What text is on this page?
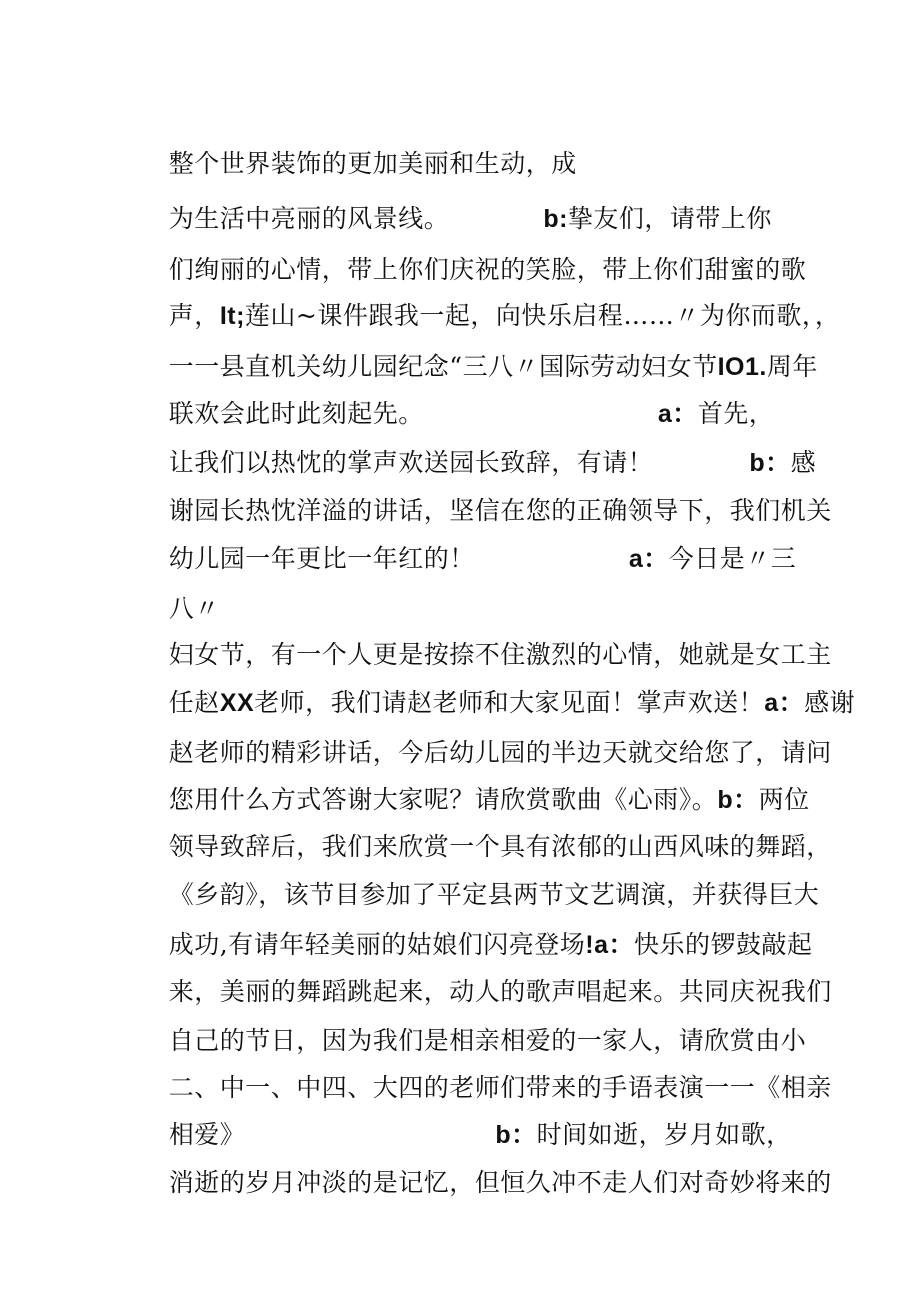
整个世界装饰的更加美丽和生动，成

为生活中亮丽的风景线。	b:挚友们，请带上你

们绚丽的心情，带上你们庆祝的笑脸，带上你们甜蜜的歌

声，It;莲山~课件跟我一起，向快乐启程……〃为你而歌，，

一一县直机关幼儿园纪念“三八〃国际劳动妇女节IO1.周年

联欢会此时此刻起先。	a：首先，

让我们以热忱的掌声欢送园长致辞，有请！	b：感

谢园长热忱洋溢的讲话，坚信在您的正确领导下，我们机关

幼儿园一年更比一年红的！	a：今日是〃三

八〃

妇女节，有一个人更是按捺不住激烈的心情，她就是女工主

任赵XX老师，我们请赵老师和大家见面！掌声欢送！a：感谢

赵老师的精彩讲话，今后幼儿园的半边天就交给您了，请问

您用什么方式答谢大家呢？请欣赏歌曲《心雨》。b：两位

领导致辞后，我们来欣赏一个具有浓郁的山西风味的舞蹈，

《乡韵》，该节目参加了平定县两节文艺调演，并获得巨大

成功,有请年轻美丽的姑娘们闪亮登场!a：快乐的锣鼓敲起

来，美丽的舞蹈跳起来，动人的歌声唱起来。共同庆祝我们

自己的节日，因为我们是相亲相爱的一家人，请欣赏由小

二、中一、中四、大四的老师们带来的手语表演一一《相亲

相爱》	b：时间如逝，岁月如歌，

消逝的岁月冲淡的是记忆，但恒久冲不走人们对奇妙将来的
